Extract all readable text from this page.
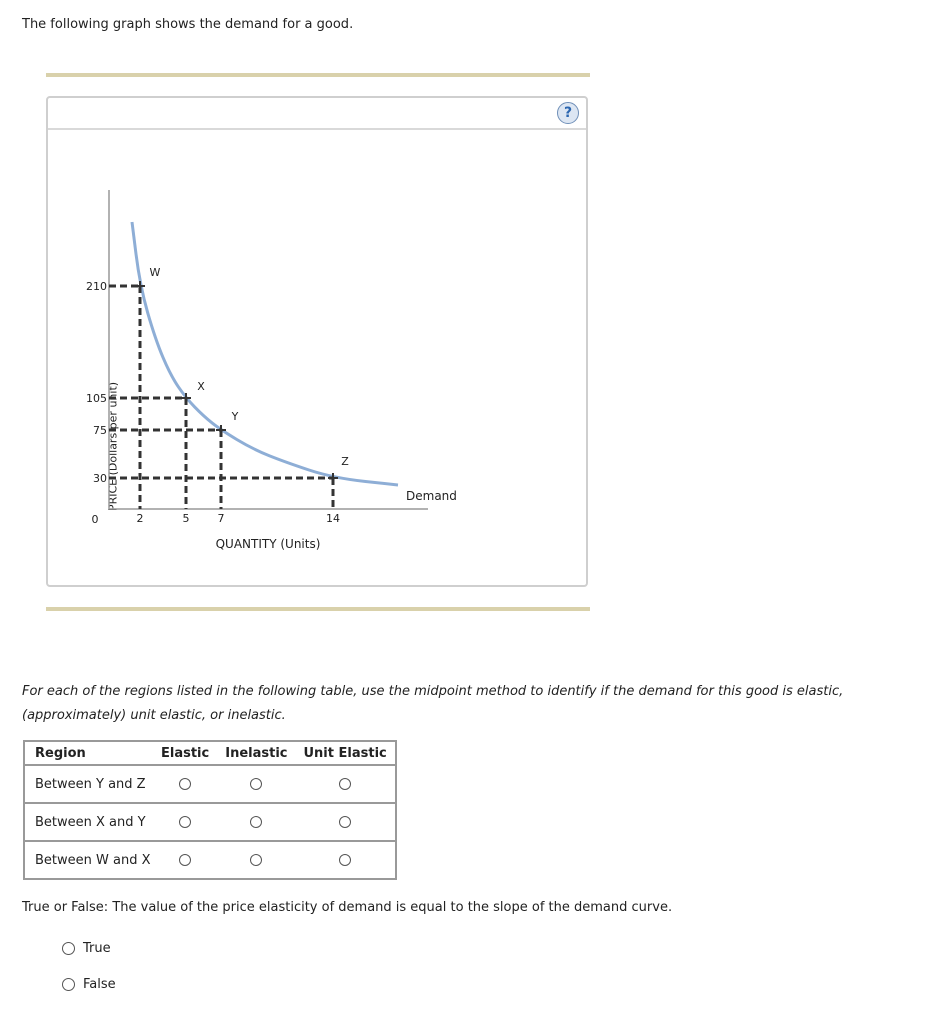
The following graph shows the demand for a good.
?
PRICE (Dollars per unit)
W
X
Y
Z
210
105
75
30
0	2	5	7	14
QUANTITY (Units)
Demand
For each of the regions listed in the following table, use the midpoint method to identify if the demand for this good is elastic, (approximately) unit elastic, or inelastic.
Region	Elastic	Inelastic	Unit Elastic
Between Y and Z			
Between X and Y			
Between W and X			
True or False: The value of the price elasticity of demand is equal to the slope of the demand curve.
True
False
